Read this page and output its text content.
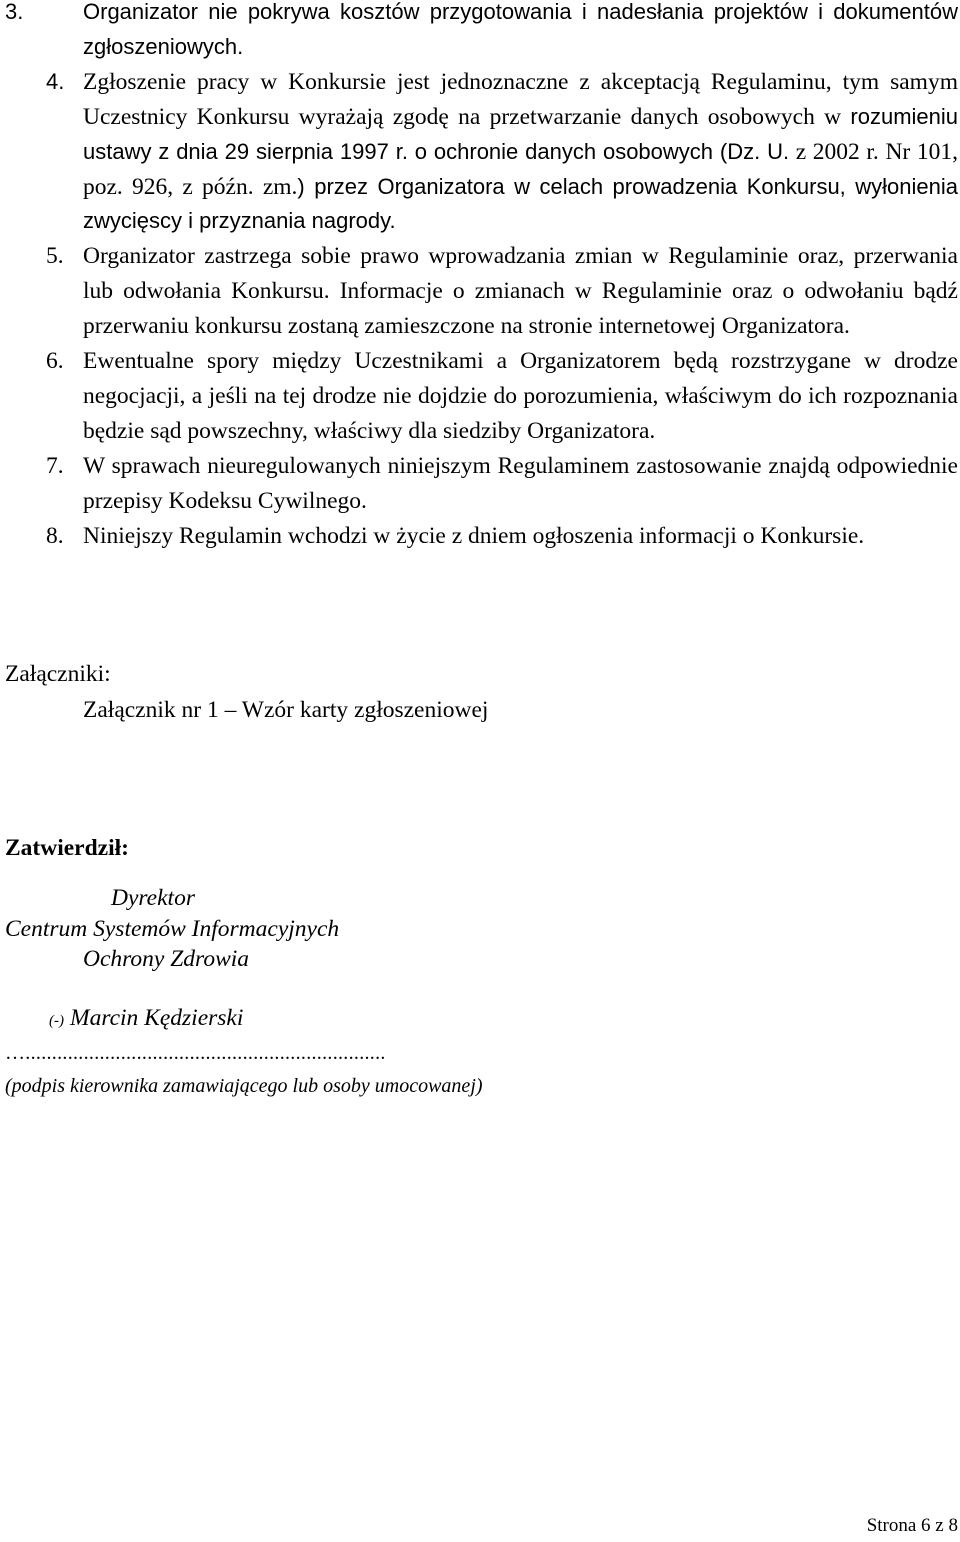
3.	Organizator nie pokrywa kosztów przygotowania i nadesłania projektów i dokumentów zgłoszeniowych.
4. Zgłoszenie pracy w Konkursie jest jednoznaczne z akceptacją Regulaminu, tym samym Uczestnicy Konkursu wyrażają zgodę na przetwarzanie danych osobowych w rozumieniu ustawy z dnia 29 sierpnia 1997 r. o ochronie danych osobowych (Dz. U. z 2002 r. Nr 101, poz. 926, z późn. zm.) przez Organizatora w celach prowadzenia Konkursu, wyłonienia zwycięscy i przyznania nagrody.
5. Organizator zastrzega sobie prawo wprowadzania zmian w Regulaminie oraz, przerwania lub odwołania Konkursu. Informacje o zmianach w Regulaminie oraz o odwołaniu bądź przerwaniu konkursu zostaną zamieszczone na stronie internetowej Organizatora.
6. Ewentualne spory między Uczestnikami a Organizatorem będą rozstrzygane w drodze negocjacji, a jeśli na tej drodze nie dojdzie do porozumienia, właściwym do ich rozpoznania będzie sąd powszechny, właściwy dla siedziby Organizatora.
7. W sprawach nieuregulowanych niniejszym Regulaminem zastosowanie znajdą odpowiednie przepisy Kodeksu Cywilnego.
8. Niniejszy Regulamin wchodzi w życie z dniem ogłoszenia informacji o Konkursie.
Załączniki:
Załącznik nr 1 – Wzór karty zgłoszeniowej
Zatwierdził:
Dyrektor
Centrum Systemów Informacyjnych
Ochrony Zdrowia
(-) Marcin Kędzierski
…....................................................................
(podpis kierownika zamawiającego lub osoby umocowanej)
Strona 6 z 8
